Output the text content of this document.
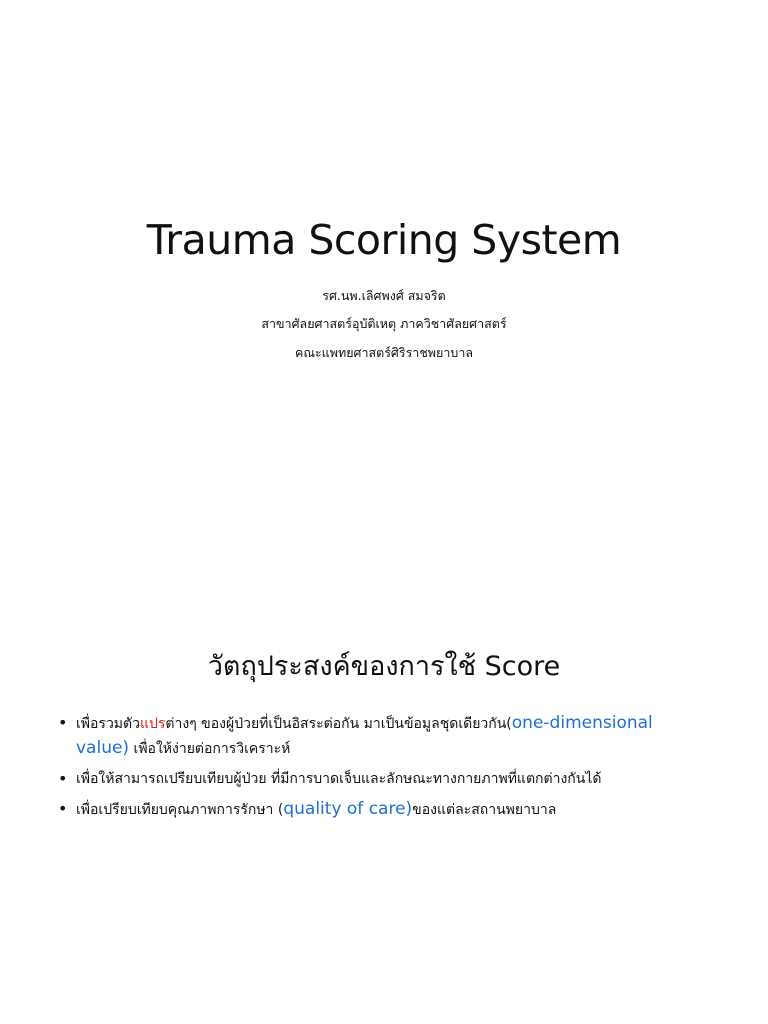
Trauma Scoring System
รศ.นพ.เลิศพงศ์ สมจริต
สาขาศัลยศาสตร์อุบัติเหตุ ภาควิชาศัลยศาสตร์
คณะแพทยศาสตร์ศิริราชพยาบาล
วัตถุประสงค์ของการใช้ Score
• เพื่อรวมตัวแปรต่างๆ ของผู้ป่วยที่เป็นอิสระต่อกัน มาเป็นข้อมูลชุดเดียวกัน(one-dimensional value) เพื่อให้ง่ายต่อการวิเคราะห์
• เพื่อให้สามารถเปรียบเทียบผู้ป่วย ที่มีการบาดเจ็บและลักษณะทางกายภาพที่แตกต่างกันได้
• เพื่อเปรียบเทียบคุณภาพการรักษา (quality of care)ของแต่ละสถานพยาบาล
